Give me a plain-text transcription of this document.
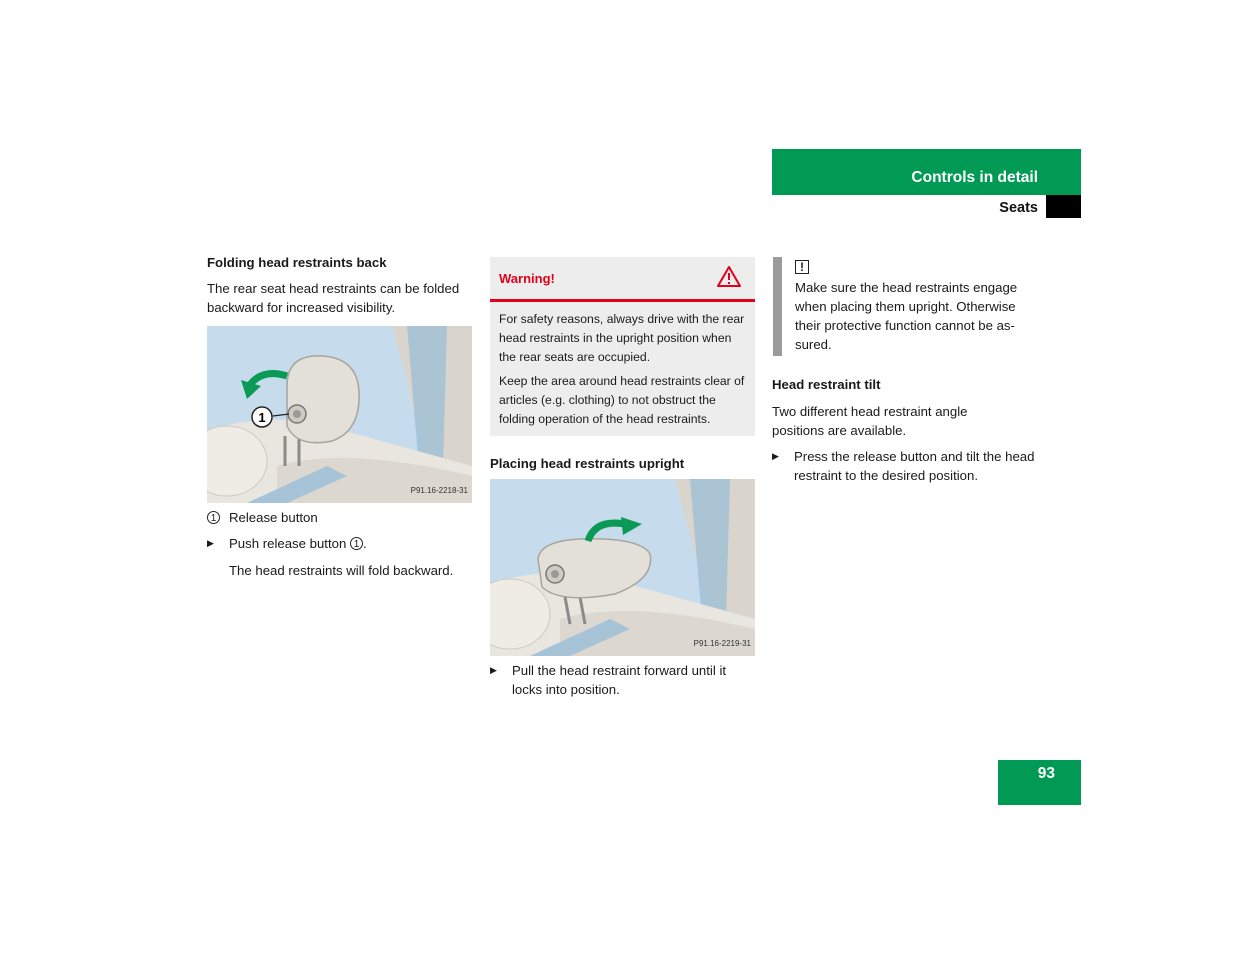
Controls in detail
Seats

Folding head restraints back

The rear seat head restraints can be folded backward for increased visibility.

1
P91.16-2218-31
1 Release button
▶	Push release button 1 .
The head restraints will fold backward.
Warning!

For safety reasons, always drive with the rear head restraints in the upright position when the rear seats are occupied.

Keep the area around head restraints clear of articles (e.g. clothing) to not obstruct the folding operation of the head restraints.

Placing head restraints upright

P91.16-2219-31
▶	Pull the head restraint forward until it locks into position.
!

Make sure the head restraints engage when placing them upright. Otherwise their protective function cannot be as-sured.

Head restraint tilt

Two different head restraint angle positions are available.

▶	Press the release button and tilt the head restraint to the desired position.
93
